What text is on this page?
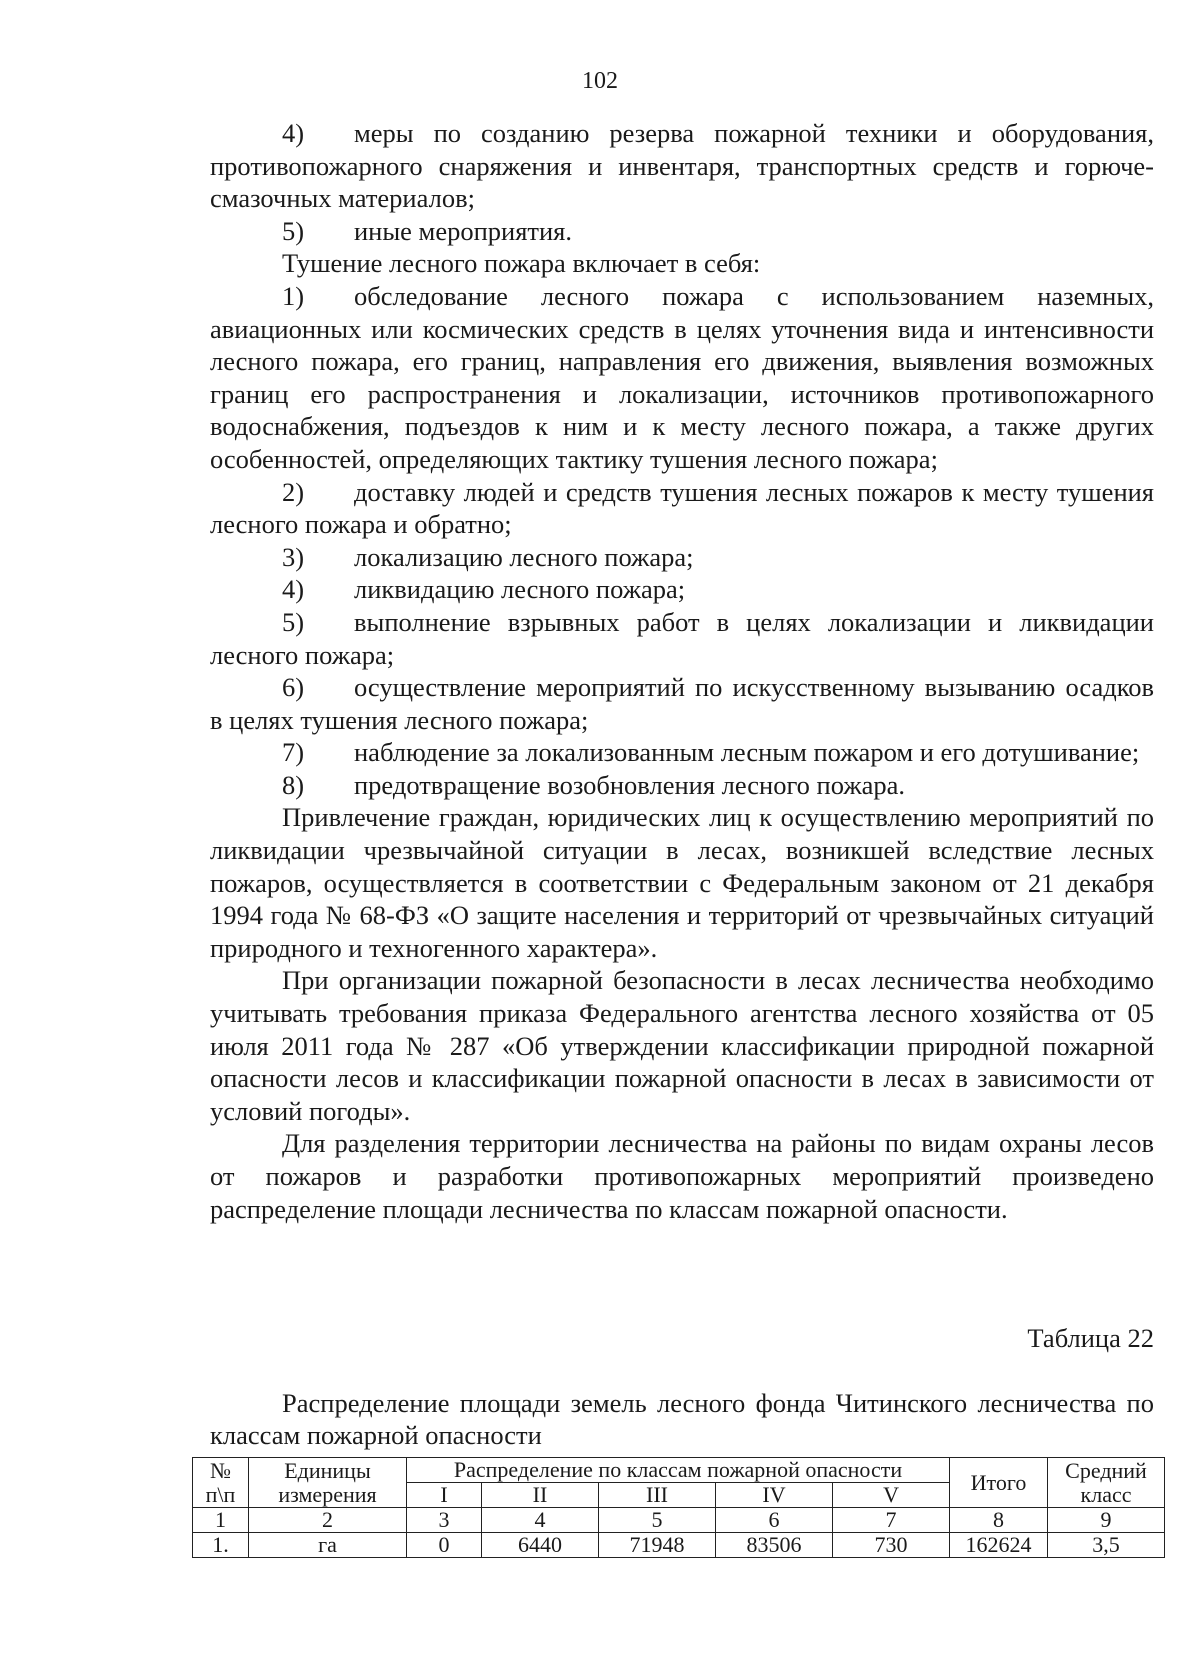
102

4) меры по созданию резерва пожарной техники и оборудования, противопожарного снаряжения и инвентаря, транспортных средств и горюче-смазочных материалов;

5) иные мероприятия.

Тушение лесного пожара включает в себя:

1) обследование лесного пожара с использованием наземных, авиационных или космических средств в целях уточнения вида и интенсивности лесного пожара, его границ, направления его движения, выявления возможных границ его распространения и локализации, источников противопожарного водоснабжения, подъездов к ним и к месту лесного пожара, а также других особенностей, определяющих тактику тушения лесного пожара;

2) доставку людей и средств тушения лесных пожаров к месту тушения лесного пожара и обратно;

3) локализацию лесного пожара;

4) ликвидацию лесного пожара;

5) выполнение взрывных работ в целях локализации и ликвидации лесного пожара;

6) осуществление мероприятий по искусственному вызыванию осадков в целях тушения лесного пожара;

7) наблюдение за локализованным лесным пожаром и его дотушивание;

8) предотвращение возобновления лесного пожара.

Привлечение граждан, юридических лиц к осуществлению мероприятий по ликвидации чрезвычайной ситуации в лесах, возникшей вследствие лесных пожаров, осуществляется в соответствии с Федеральным законом от 21 декабря 1994 года № 68-ФЗ «О защите населения и территорий от чрезвычайных ситуаций природного и техногенного характера».

При организации пожарной безопасности в лесах лесничества необходимо учитывать требования приказа Федерального агентства лесного хозяйства от 05 июля 2011 года № 287 «Об утверждении классификации природной пожарной опасности лесов и классификации пожарной опасности в лесах в зависимости от условий погоды».

Для разделения территории лесничества на районы по видам охраны лесов от пожаров и разработки противопожарных мероприятий произведено распределение площади лесничества по классам пожарной опасности.

Таблица 22
Распределение площади земель лесного фонда Читинского лесничества по классам пожарной опасности
№ п\п	Единицы измерения	Распределение по классам пожарной опасности					Итого	Средний класс
		I	II	III	IV	V		
1	2	3	4	5	6	7	8	9
1.	га	0	6440	71948	83506	730	162624	3,5
